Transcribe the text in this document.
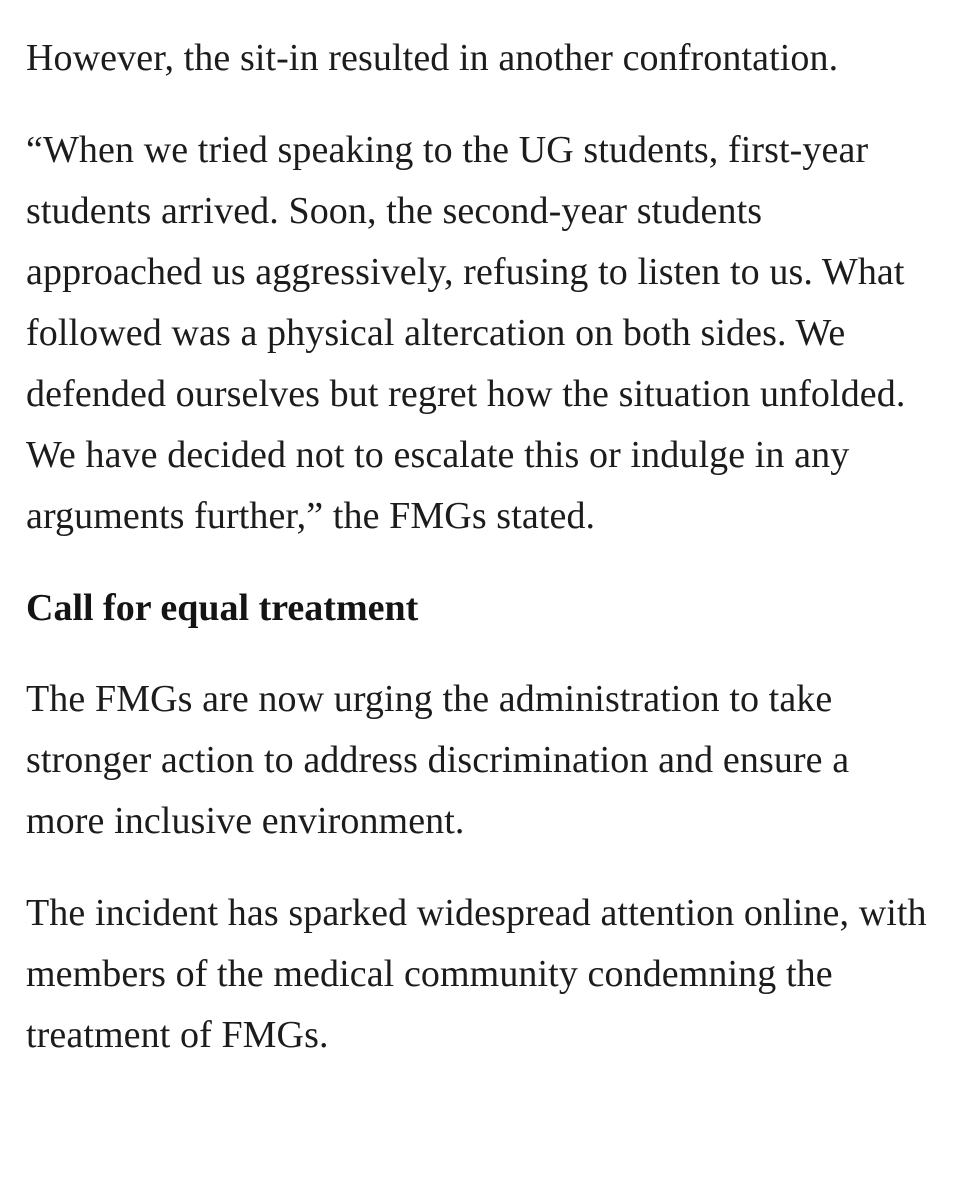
However, the sit-in resulted in another confrontation.

“When we tried speaking to the UG students, first-year students arrived. Soon, the second-year students approached us aggressively, refusing to listen to us. What followed was a physical altercation on both sides. We defended ourselves but regret how the situation unfolded. We have decided not to escalate this or indulge in any arguments further,” the FMGs stated.

Call for equal treatment

The FMGs are now urging the administration to take stronger action to address discrimination and ensure a more inclusive environment.

The incident has sparked widespread attention online, with members of the medical community condemning the treatment of FMGs.
